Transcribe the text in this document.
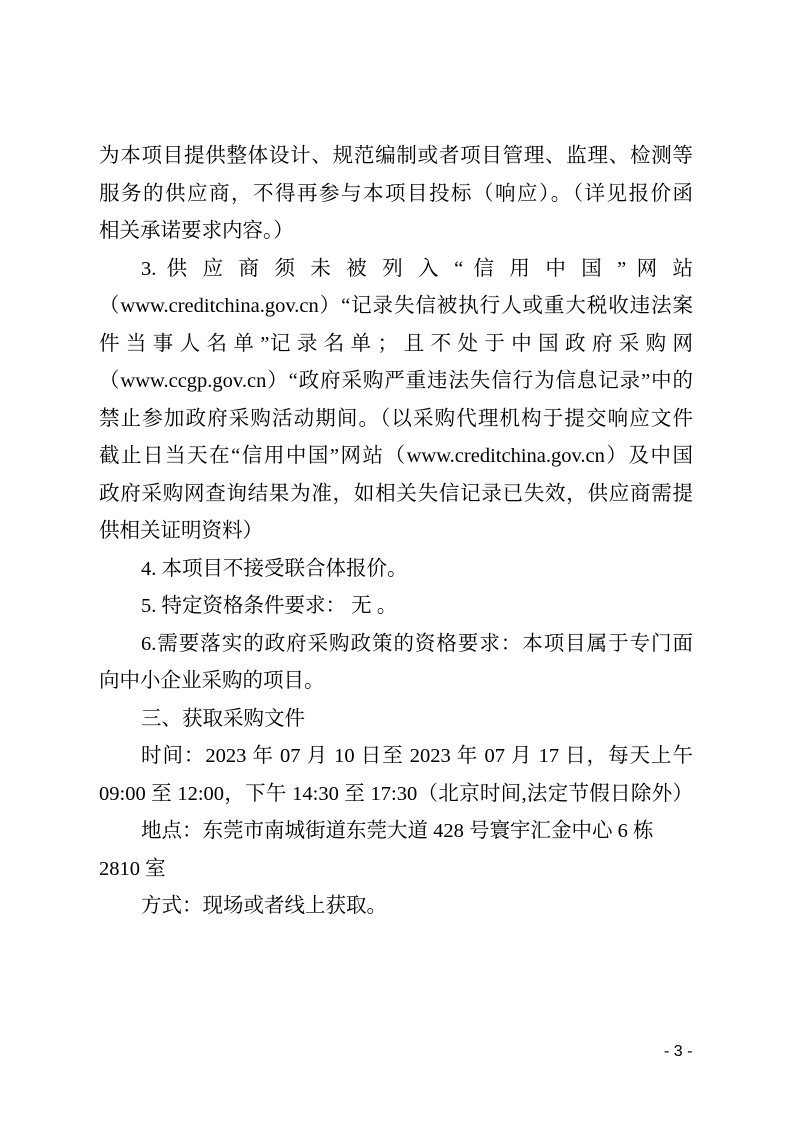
为本项目提供整体设计、规范编制或者项目管理、监理、检测等
服务的供应商，不得再参与本项目投标（响应）。（详见报价函
相关承诺要求内容。）
3. 供 应 商 须 未 被 列 入 “ 信 用 中 国 ” 网 站
（www.creditchina.gov.cn）“记录失信被执行人或重大税收违法案
件 当 事 人 名 单 ”记 录 名 单 ； 且 不 处 于 中 国 政 府 采 购 网
（www.ccgp.gov.cn）“政府采购严重违法失信行为信息记录”中的
禁止参加政府采购活动期间。（以采购代理机构于提交响应文件
截止日当天在“信用中国”网站（www.creditchina.gov.cn）及中国
政府采购网查询结果为准，如相关失信记录已失效，供应商需提
供相关证明资料）
4. 本项目不接受联合体报价。
5. 特定资格条件要求： 无 。
6.需要落实的政府采购政策的资格要求：本项目属于专门面
向中小企业采购的项目。
三、获取采购文件
时间：2023 年 07 月 10 日至 2023 年 07 月 17 日，每天上午
09:00 至 12:00，下午 14:30 至 17:30（北京时间,法定节假日除外）
地点：东莞市南城街道东莞大道 428 号寰宇汇金中心 6 栋
2810 室
方式：现场或者线上获取。
- 3 -
